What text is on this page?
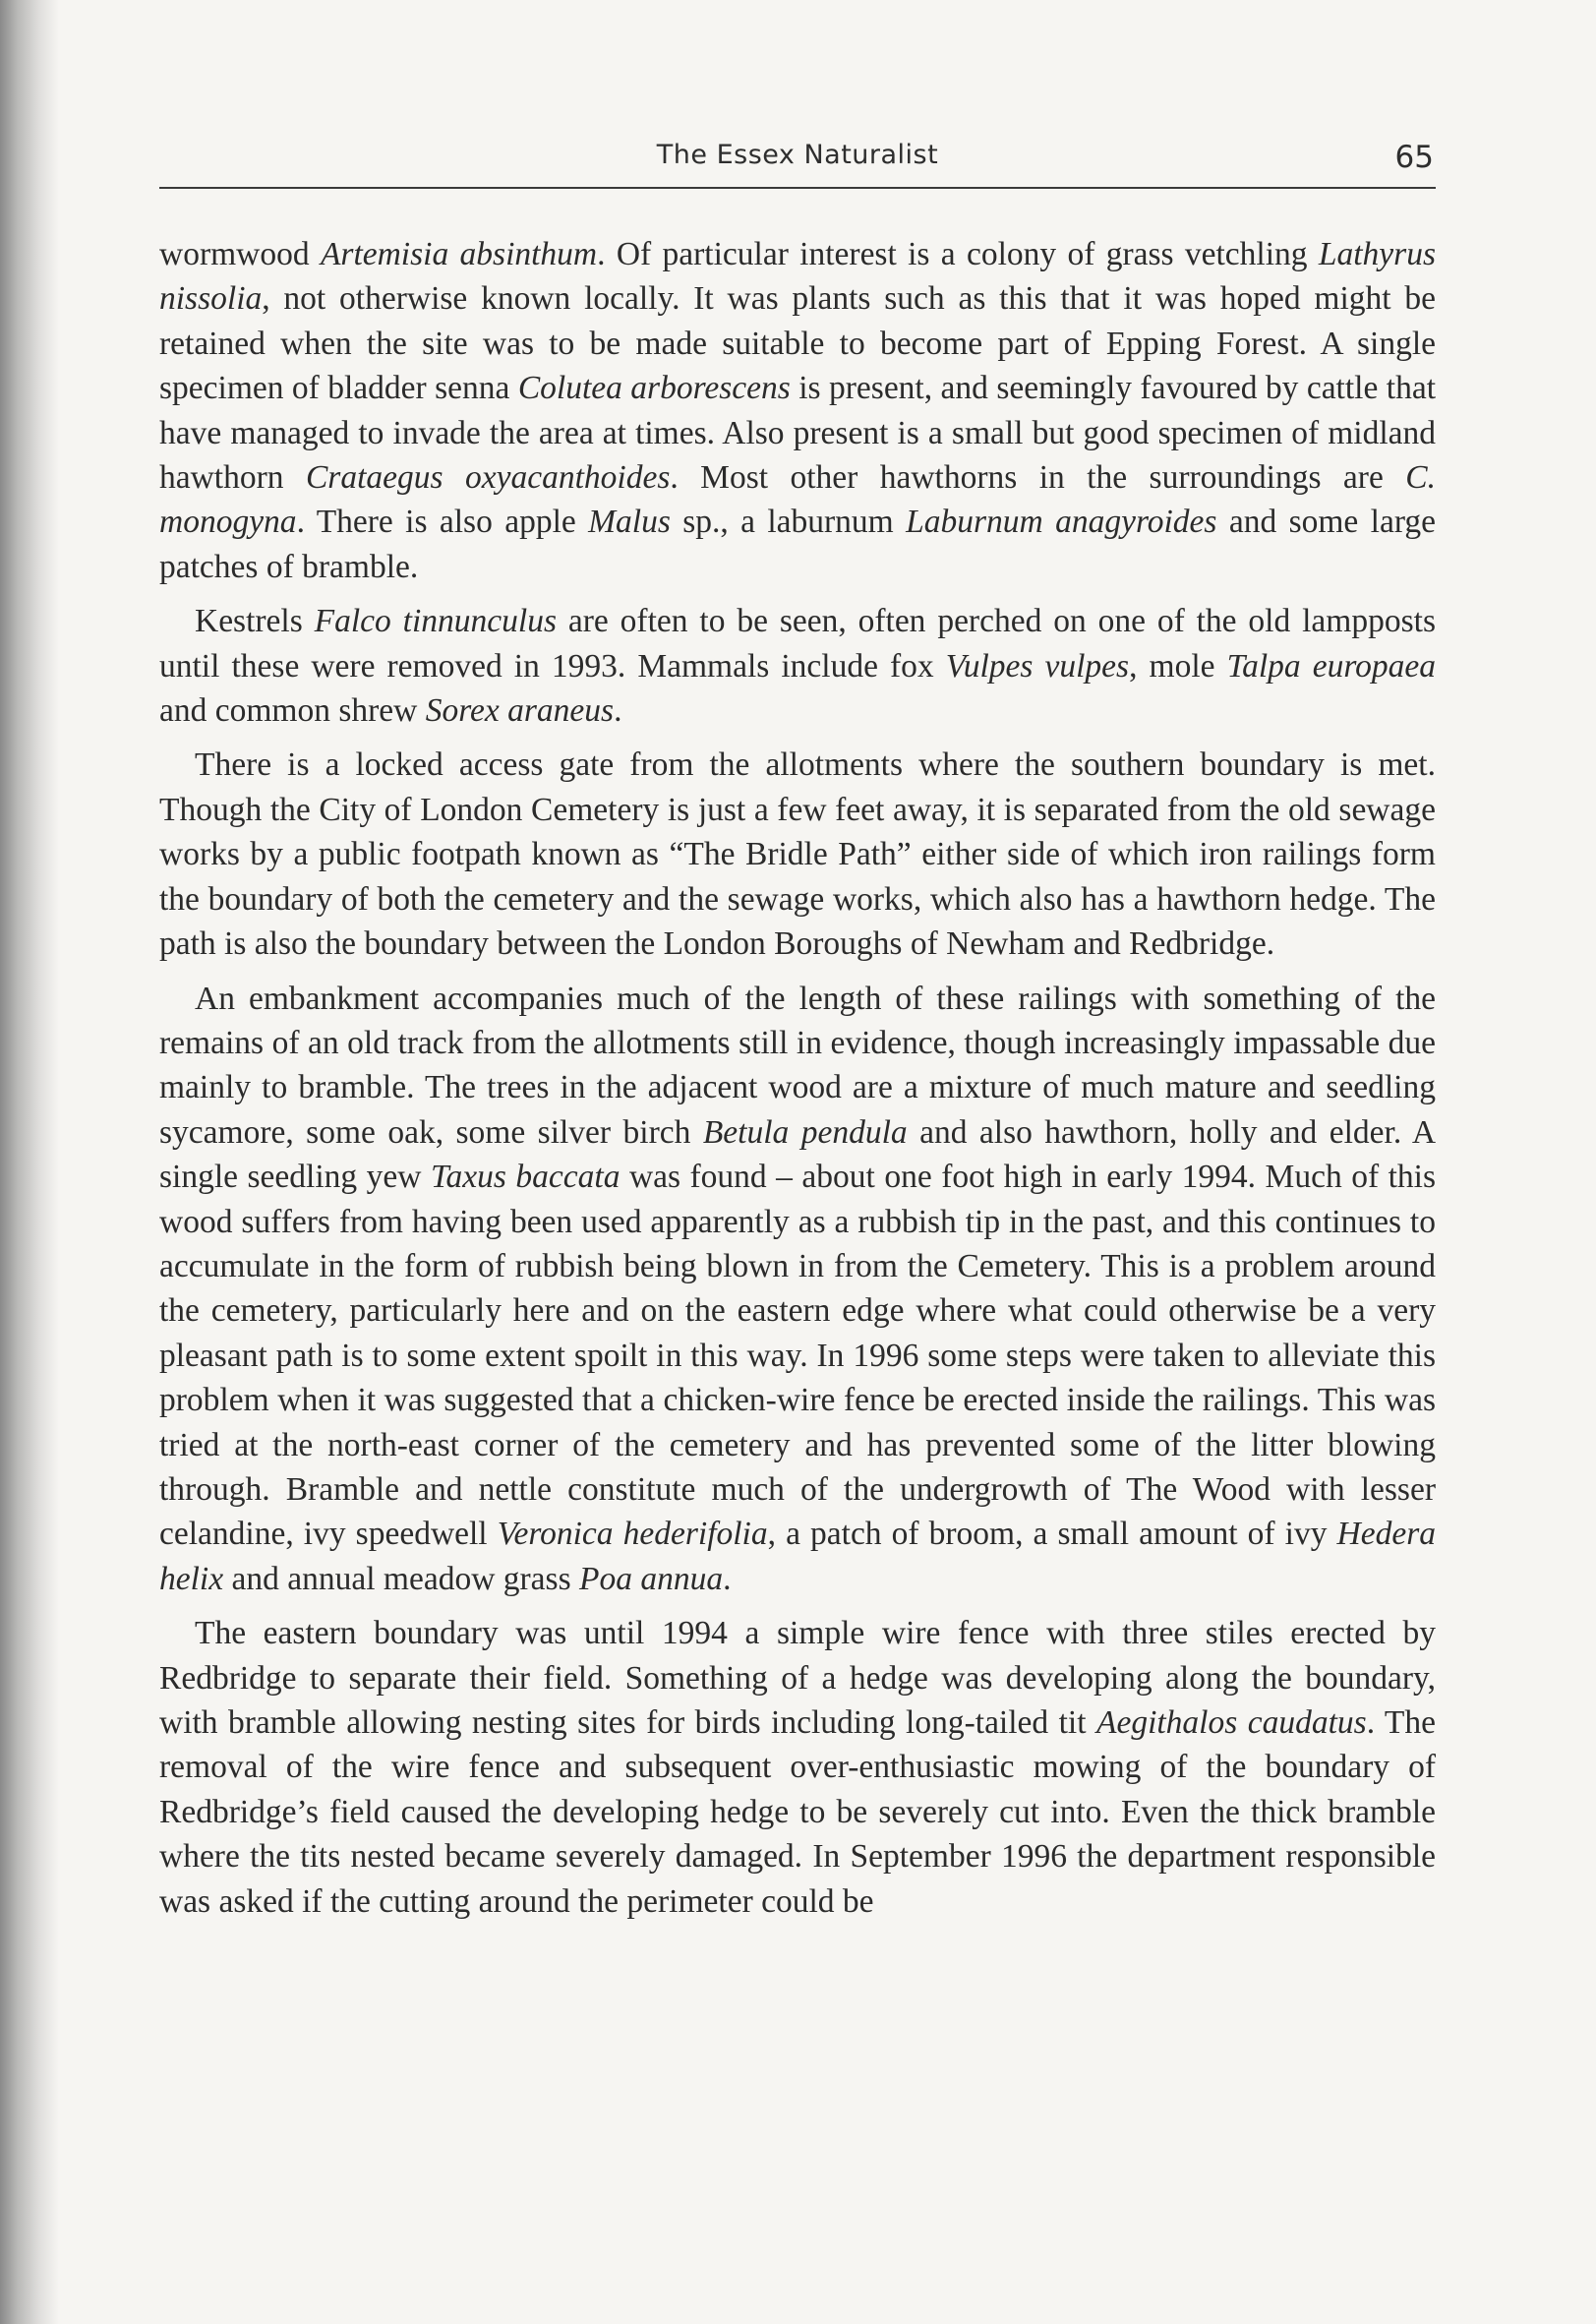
The Essex Naturalist	65

wormwood Artemisia absinthum. Of particular interest is a colony of grass vetchling Lathyrus nissolia, not otherwise known locally. It was plants such as this that it was hoped might be retained when the site was to be made suitable to become part of Epping Forest. A single specimen of bladder senna Colutea arborescens is present, and seemingly favoured by cattle that have managed to invade the area at times. Also present is a small but good specimen of midland hawthorn Crataegus oxyacanthoides. Most other hawthorns in the surroundings are C. monogyna. There is also apple Malus sp., a laburnum Laburnum anagyroides and some large patches of bramble.

Kestrels Falco tinnunculus are often to be seen, often perched on one of the old lampposts until these were removed in 1993. Mammals include fox Vulpes vulpes, mole Talpa europaea and common shrew Sorex araneus.

There is a locked access gate from the allotments where the southern boundary is met. Though the City of London Cemetery is just a few feet away, it is separated from the old sewage works by a public footpath known as “The Bridle Path” either side of which iron railings form the boundary of both the cemetery and the sewage works, which also has a hawthorn hedge. The path is also the boundary between the London Boroughs of Newham and Redbridge.

An embankment accompanies much of the length of these railings with something of the remains of an old track from the allotments still in evidence, though increasingly impassable due mainly to bramble. The trees in the adjacent wood are a mixture of much mature and seedling sycamore, some oak, some silver birch Betula pendula and also hawthorn, holly and elder. A single seedling yew Taxus baccata was found – about one foot high in early 1994. Much of this wood suffers from having been used apparently as a rubbish tip in the past, and this continues to accumulate in the form of rubbish being blown in from the Cemetery. This is a problem around the cemetery, particularly here and on the eastern edge where what could otherwise be a very pleasant path is to some extent spoilt in this way. In 1996 some steps were taken to alleviate this problem when it was suggested that a chicken-wire fence be erected inside the railings. This was tried at the north-east corner of the cemetery and has prevented some of the litter blowing through. Bramble and nettle constitute much of the undergrowth of The Wood with lesser celandine, ivy speedwell Veronica hederifolia, a patch of broom, a small amount of ivy Hedera helix and annual meadow grass Poa annua.

The eastern boundary was until 1994 a simple wire fence with three stiles erected by Redbridge to separate their field. Something of a hedge was developing along the boundary, with bramble allowing nesting sites for birds including long-tailed tit Aegithalos caudatus. The removal of the wire fence and subsequent over-enthusiastic mowing of the boundary of Redbridge’s field caused the developing hedge to be severely cut into. Even the thick bramble where the tits nested became severely damaged. In September 1996 the department responsible was asked if the cutting around the perimeter could be
